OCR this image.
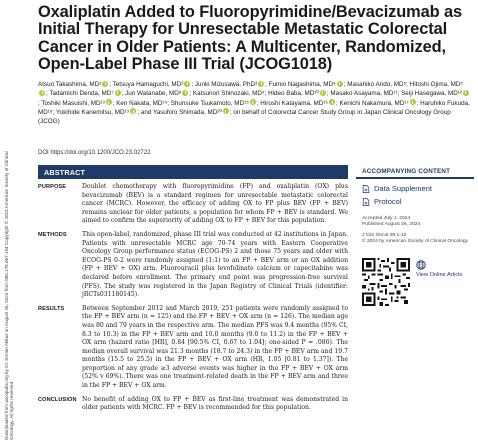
Downloaded from ascopubs.org by Dr. Erman Akkus on August 26, 2024 from 085.176.067.194 Copyright © 2024 American Society of Clinical Oncology. All rights reserved.
Oxaliplatin Added to Fluoropyrimidine/Bevacizumab as Initial Therapy for Unresectable Metastatic Colorectal Cancer in Older Patients: A Multicenter, Randomized, Open-Label Phase III Trial (JCOG1018)
Atsuo Takashima, MD¹ ; Tetsuya Hamaguchi, MD² ; Junki Mizusawa, PhD³ ; Fumio Nagashima, MD⁴ ; Masahiko Ando, MD⁵; Hitoshi Ojima, MD⁶; Tadamichi Denda, MD⁷ ; Jun Watanabe, MD⁸ ; Katsunori Shinozaki, MD⁹; Hideo Baba, MD¹⁰ ; Masako Asayama, MD¹¹; Seiji Hasegawa, MD¹²; Toshiki Masuishi, MD¹³ ; Ken Nakata, MD¹⁴; Shunsuke Tsukamoto, MD¹⁵ ; Hiroshi Katayama, MD¹⁶ ; Kenichi Nakamura, MD¹⁷ ; Haruhiko Fukuda, MD¹⁸; Yukihide Kanemitsu, MD¹⁹ ; and Yasuhiro Shimada, MD²⁰ ; on behalf of Colorectal Cancer Study Group in Japan Clinical Oncology Group (JCOG)
DOI https://doi.org/10.1200/JCO.23.02722
ABSTRACT	ACCOMPANYING CONTENT
PURPOSE	Doublet chemotherapy with fluoropyrimidine (FP) and oxaliplatin (OX) plus bevacizumab (BEV) is a standard regimen for unresectable metastatic colorectal cancer (MCRC). However, the efficacy of adding OX to FP plus BEV (FP + BEV) remains unclear for older patients, a population for whom FP + BEV is standard. We aimed to confirm the superiority of adding OX to FP + BEV for this population.
METHODS	This open-label, randomized, phase III trial was conducted at 42 institutions in Japan. Patients with unresectable MCRC age 70-74 years with Eastern Cooperative Oncology Group performance status (ECOG-PS) 2 and those 75 years and older with ECOG-PS 0-2 were randomly assigned (1:1) to an FP + BEV arm or an OX addition (FP + BEV + OX) arm. Fluorouracil plus levofolinate calcium or capecitabine was declared before enrollment. The primary end point was progression-free survival (PFS). The study was registered in the Japan Registry of Clinical Trials (identifier: jRCTs031180145).
RESULTS	Between September 2012 and March 2019, 251 patients were randomly assigned to the FP + BEV arm (n = 125) and the FP + BEV + OX arm (n = 126). The median age was 80 and 79 years in the respective arm. The median PFS was 9.4 months (95% CI, 8.3 to 10.3) in the FP + BEV arm and 10.0 months (9.0 to 11.2) in the FP + BEV + OX arm (hazard ratio [HR], 0.84 [90.5% CI, 0.67 to 1.04]; one-sided P = .086). The median overall survival was 21.3 months (18.7 to 24.3) in the FP + BEV arm and 19.7 months (15.5 to 25.5) in the FP + BEV + OX arm (HR, 1.05 [0.81 to 1.37]). The proportion of any grade ≥3 adverse events was higher in the FP + BEV + OX arm (52% v 69%). There was one treatment-related death in the FP + BEV arm and three in the FP + BEV + OX arm.
CONCLUSION No benefit of adding OX to FP + BEV as first-line treatment was demonstrated in older patients with MCRC. FP + BEV is recommended for this population.
Data Supplement
Protocol
Accepted July 1, 2024
Published August 26, 2024
J Clin Oncol 00:1-10
© 2024 by American Society of Clinical Oncology
View Online Article
